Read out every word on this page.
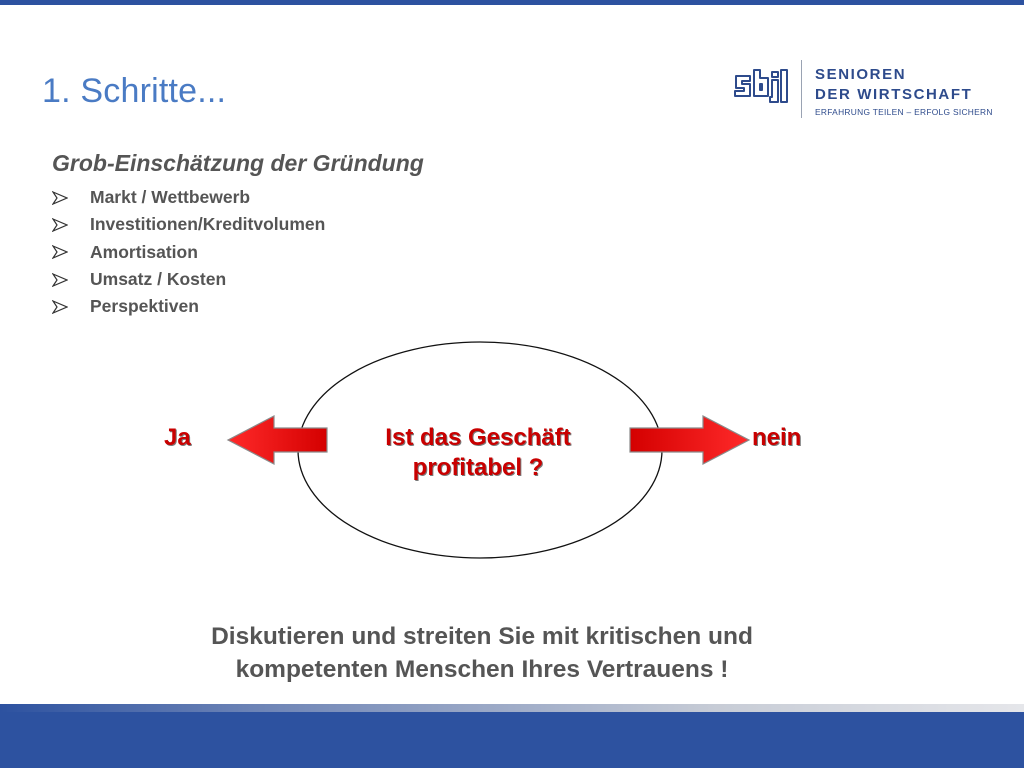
1. Schritte...	SENIOREN
DER WIRTSCHAFT
ERFAHRUNG TEILEN – ERFOLG SICHERN
Grob-Einschätzung der Gründung
Markt / Wettbewerb
Investitionen/Kreditvolumen
Amortisation
Umsatz / Kosten
Perspektiven
Ja	Ist das Geschäft
profitabel ?
nein

Diskutieren und streiten Sie mit kritischen und
kompetenten Menschen Ihres Vertrauens !
